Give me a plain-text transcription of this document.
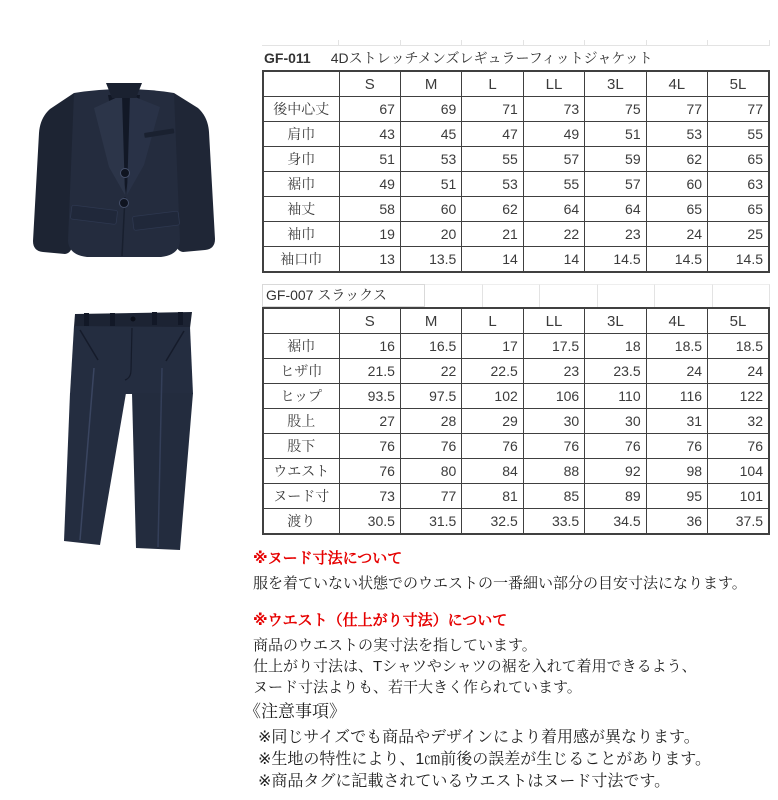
GF-011 4Dストレッチメンズレギュラーフィットジャケット
	S	M	L	LL	3L	4L	5L
後中心丈	67	69	71	73	75	77	77
肩巾	43	45	47	49	51	53	55
身巾	51	53	55	57	59	62	65
裾巾	49	51	53	55	57	60	63
袖丈	58	60	62	64	64	65	65
袖巾	19	20	21	22	23	24	25
袖口巾	13	13.5	14	14	14.5	14.5	14.5
GF-007 スラックス
	S	M	L	LL	3L	4L	5L
裾巾	16	16.5	17	17.5	18	18.5	18.5
ヒザ巾	21.5	22	22.5	23	23.5	24	24
ヒップ	93.5	97.5	102	106	110	116	122
股上	27	28	29	30	30	31	32
股下	76	76	76	76	76	76	76
ウエスト	76	80	84	88	92	98	104
ヌード寸	73	77	81	85	89	95	101
渡り	30.5	31.5	32.5	33.5	34.5	36	37.5
※ヌード寸法について
服を着ていない状態でのウエストの一番細い部分の目安寸法になります。
※ウエスト（仕上がり寸法）について
商品のウエストの実寸法を指しています。
仕上がり寸法は、Tシャツやシャツの裾を入れて着用できるよう、
ヌード寸法よりも、若干大きく作られています。
《注意事項》
※同じサイズでも商品やデザインにより着用感が異なります。
※生地の特性により、1㎝前後の誤差が生じることがあります。
※商品タグに記載されているウエストはヌード寸法です。
